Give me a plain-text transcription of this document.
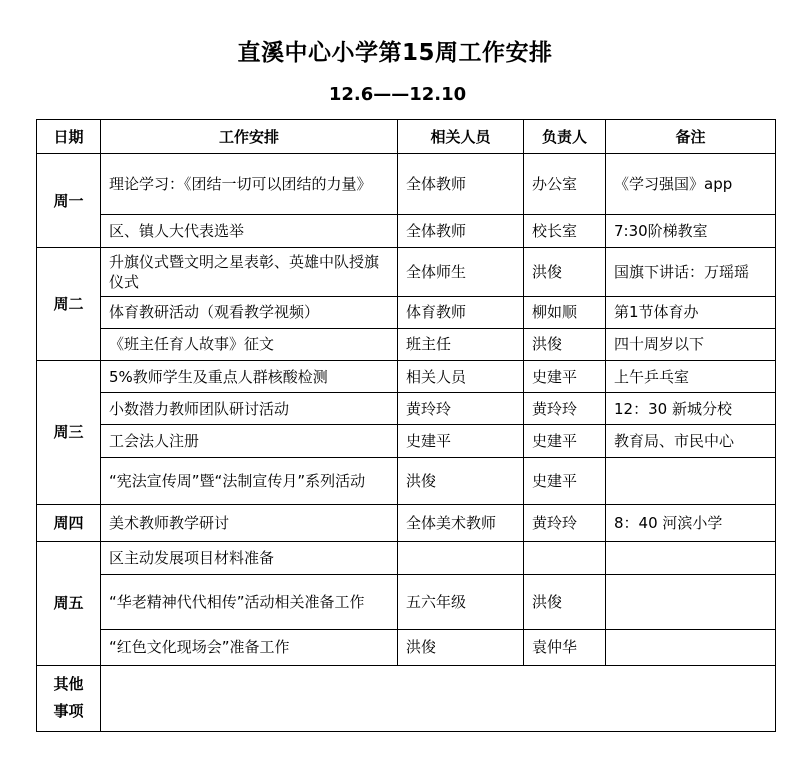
直溪中心小学第15周工作安排
12.6——12.10
日期	工作安排	相关人员	负责人	备注
周一	理论学习：《团结一切可以团结的力量》	全体教师	办公室	《学习强国》app
	区、镇人大代表选举	全体教师	校长室	7:30阶梯教室
周二	升旗仪式暨文明之星表彰、英雄中队授旗仪式	全体师生	洪俊	国旗下讲话：万瑶瑶
	体育教研活动（观看教学视频）	体育教师	柳如顺	第1节体育办
	《班主任育人故事》征文	班主任	洪俊	四十周岁以下
周三	5%教师学生及重点人群核酸检测	相关人员	史建平	上午乒乓室
	小数潜力教师团队研讨活动	黄玲玲	黄玲玲	12：30 新城分校
	工会法人注册	史建平	史建平	教育局、市民中心
	“宪法宣传周”暨“法制宣传月”系列活动	洪俊	史建平	
周四	美术教师教学研讨	全体美术教师	黄玲玲	8：40 河滨小学
周五	区主动发展项目材料准备			
	“华老精神代代相传”活动相关准备工作	五六年级	洪俊	
	“红色文化现场会”准备工作	洪俊	袁仲华	
其他事项				
